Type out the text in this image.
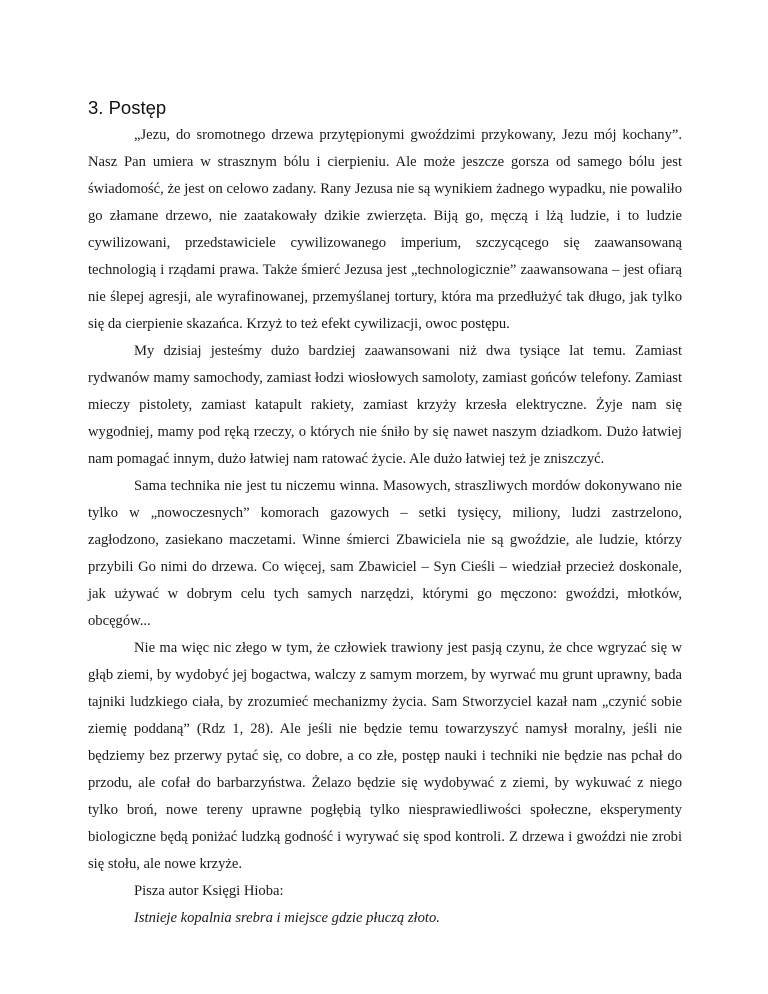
3. Postęp

„Jezu, do sromotnego drzewa przytępionymi gwoździmi przykowany, Jezu mój kochany”. Nasz Pan umiera w strasznym bólu i cierpieniu. Ale może jeszcze gorsza od samego bólu jest świadomość, że jest on celowo zadany. Rany Jezusa nie są wynikiem żadnego wypadku, nie powaliło go złamane drzewo, nie zaatakowały dzikie zwierzęta. Biją go, męczą i lżą ludzie, i to ludzie cywilizowani, przedstawiciele cywilizowanego imperium, szczycącego się zaawansowaną technologią i rządami prawa. Także śmierć Jezusa jest „technologicznie” zaawansowana – jest ofiarą nie ślepej agresji, ale wyrafinowanej, przemyślanej tortury, która ma przedłużyć tak długo, jak tylko się da cierpienie skazańca. Krzyż to też efekt cywilizacji, owoc postępu.

My dzisiaj jesteśmy dużo bardziej zaawansowani niż dwa tysiące lat temu. Zamiast rydwanów mamy samochody, zamiast łodzi wiosłowych samoloty, zamiast gońców telefony. Zamiast mieczy pistolety, zamiast katapult rakiety, zamiast krzyży krzesła elektryczne. Żyje nam się wygodniej, mamy pod ręką rzeczy, o których nie śniło by się nawet naszym dziadkom. Dużo łatwiej nam pomagać innym, dużo łatwiej nam ratować życie. Ale dużo łatwiej też je zniszczyć.

Sama technika nie jest tu niczemu winna. Masowych, straszliwych mordów dokonywano nie tylko w „nowoczesnych” komorach gazowych – setki tysięcy, miliony, ludzi zastrzelono, zagłodzono, zasiekano maczetami. Winne śmierci Zbawiciela nie są gwoździe, ale ludzie, którzy przybili Go nimi do drzewa. Co więcej, sam Zbawiciel – Syn Cieśli – wiedział przecież doskonale, jak używać w dobrym celu tych samych narzędzi, którymi go męczono: gwoździ, młotków, obcęgów...

Nie ma więc nic złego w tym, że człowiek trawiony jest pasją czynu, że chce wgryzać się w głąb ziemi, by wydobyć jej bogactwa, walczy z samym morzem, by wyrwać mu grunt uprawny, bada tajniki ludzkiego ciała, by zrozumieć mechanizmy życia. Sam Stworzyciel kazał nam „czynić sobie ziemię poddaną” (Rdz 1, 28). Ale jeśli nie będzie temu towarzyszyć namysł moralny, jeśli nie będziemy bez przerwy pytać się, co dobre, a co złe, postęp nauki i techniki nie będzie nas pchał do przodu, ale cofał do barbarzyństwa. Żelazo będzie się wydobywać z ziemi, by wykuwać z niego tylko broń, nowe tereny uprawne pogłębią tylko niesprawiedliwości społeczne, eksperymenty biologiczne będą poniżać ludzką godność i wyrywać się spod kontroli. Z drzewa i gwoździ nie zrobi się stołu, ale nowe krzyże.

Pisza autor Księgi Hioba:

Istnieje kopalnia srebra i miejsce gdzie płuczą złoto.
